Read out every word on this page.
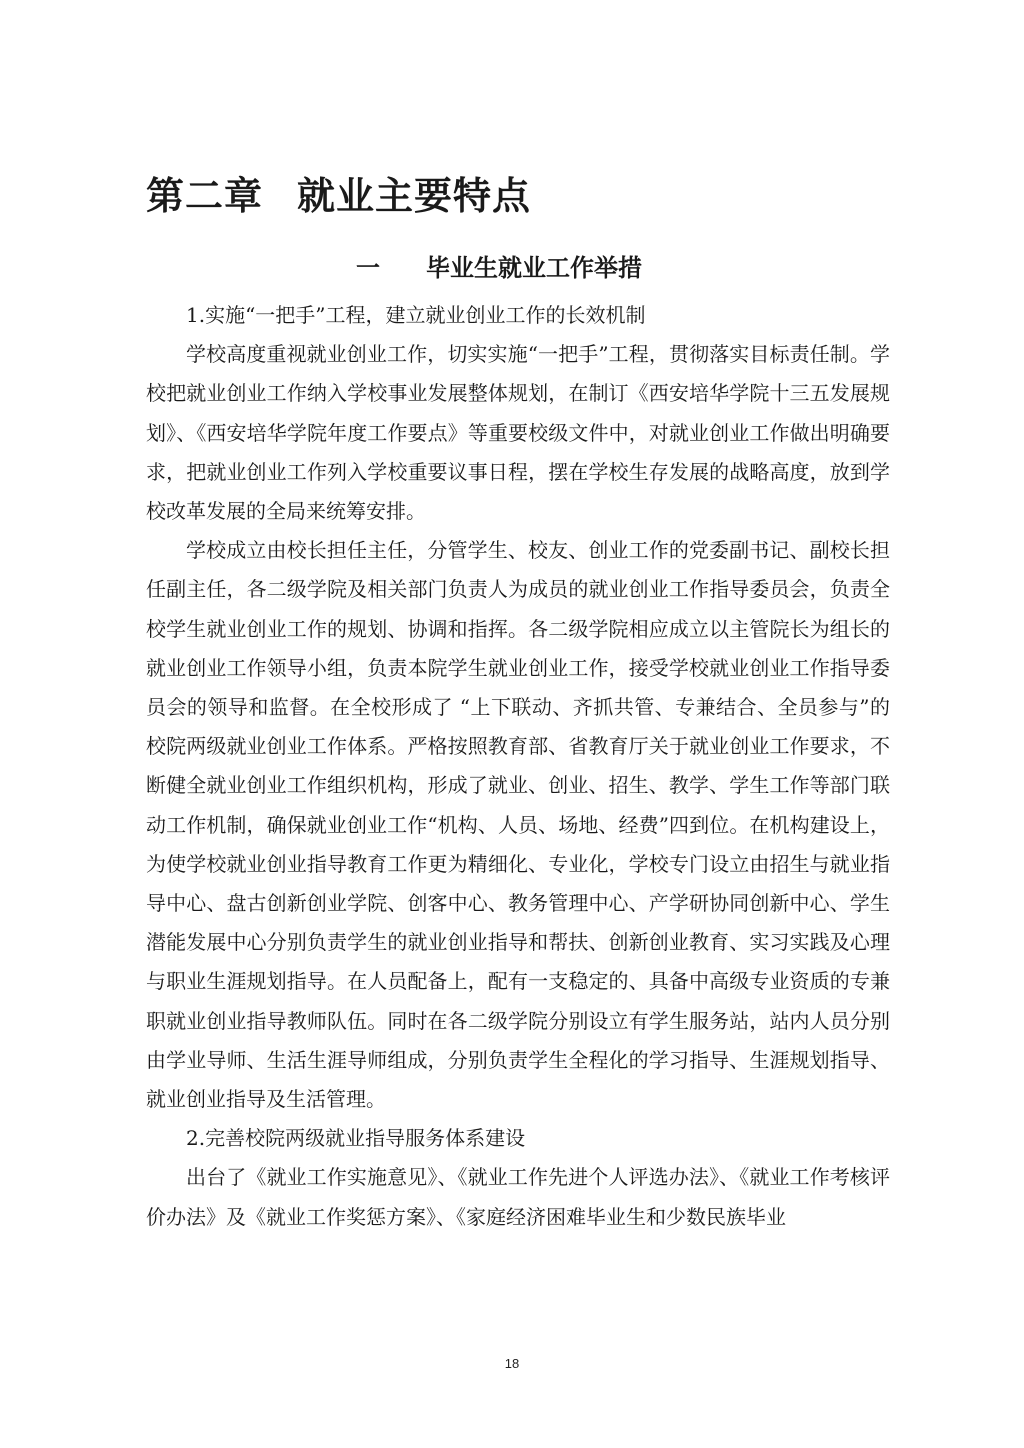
第二章 就业主要特点
一 毕业生就业工作举措

1.实施“一把手”工程，建立就业创业工作的长效机制

学校高度重视就业创业工作，切实实施“一把手”工程，贯彻落实目标责任制。学校把就业创业工作纳入学校事业发展整体规划，在制订《西安培华学院十三五发展规划》、《西安培华学院年度工作要点》等重要校级文件中，对就业创业工作做出明确要求，把就业创业工作列入学校重要议事日程，摆在学校生存发展的战略高度，放到学校改革发展的全局来统筹安排。

学校成立由校长担任主任，分管学生、校友、创业工作的党委副书记、副校长担任副主任，各二级学院及相关部门负责人为成员的就业创业工作指导委员会，负责全校学生就业创业工作的规划、协调和指挥。各二级学院相应成立以主管院长为组长的就业创业工作领导小组，负责本院学生就业创业工作，接受学校就业创业工作指导委员会的领导和监督。在全校形成了 “上下联动、齐抓共管、专兼结合、全员参与”的校院两级就业创业工作体系。严格按照教育部、省教育厅关于就业创业工作要求，不断健全就业创业工作组织机构，形成了就业、创业、招生、教学、学生工作等部门联动工作机制，确保就业创业工作“机构、人员、场地、经费”四到位。在机构建设上，为使学校就业创业指导教育工作更为精细化、专业化，学校专门设立由招生与就业指导中心、盘古创新创业学院、创客中心、教务管理中心、产学研协同创新中心、学生潜能发展中心分别负责学生的就业创业指导和帮扶、创新创业教育、实习实践及心理与职业生涯规划指导。在人员配备上，配有一支稳定的、具备中高级专业资质的专兼职就业创业指导教师队伍。同时在各二级学院分别设立有学生服务站，站内人员分别由学业导师、生活生涯导师组成，分别负责学生全程化的学习指导、生涯规划指导、就业创业指导及生活管理。

2.完善校院两级就业指导服务体系建设

出台了《就业工作实施意见》、《就业工作先进个人评选办法》、《就业工作考核评价办法》及《就业工作奖惩方案》、《家庭经济困难毕业生和少数民族毕业

18
